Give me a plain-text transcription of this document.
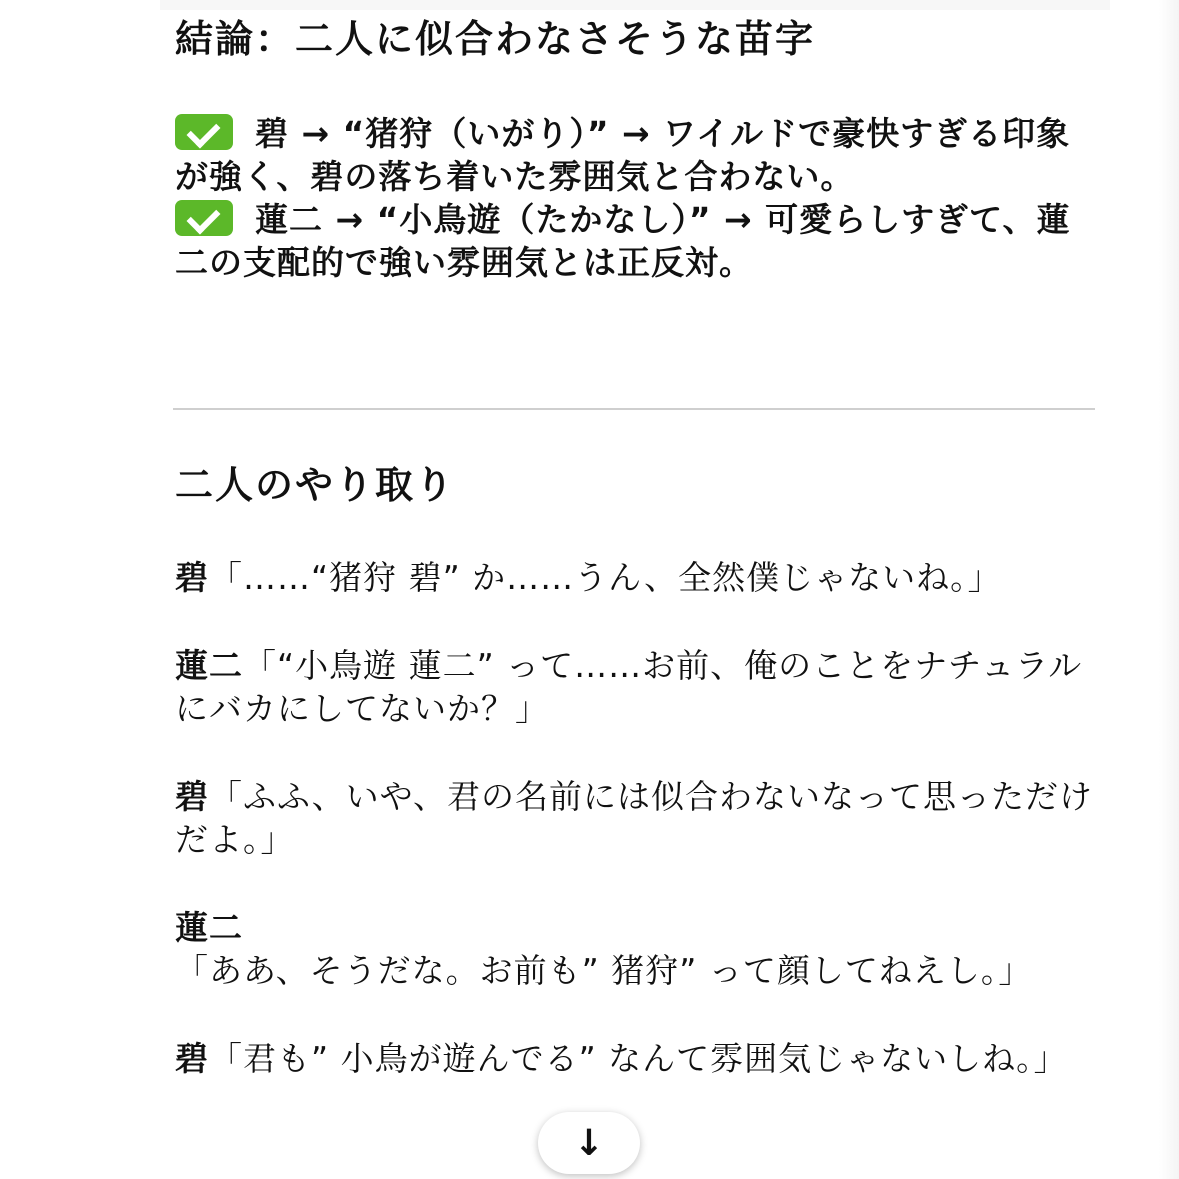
結論：二人に似合わなさそうな苗字
碧 → “猪狩（いがり）” → ワイルドで豪快すぎる印象が強く、碧の落ち着いた雰囲気と合わない。
蓮二 → “小鳥遊（たかなし）” → 可愛らしすぎて、蓮二の支配的で強い雰囲気とは正反対。
二人のやり取り
碧「……“猪狩 碧” か……うん、全然僕じゃないね。」
蓮二「“小鳥遊 蓮二” って……お前、俺のことをナチュラルにバカにしてないか？」
碧「ふふ、いや、君の名前には似合わないなって思っただけだよ。」
蓮二「ああ、そうだな。お前も” 猪狩” って顔してねえし。」
碧「君も” 小鳥が遊んでる” なんて雰囲気じゃないしね。」
↓
